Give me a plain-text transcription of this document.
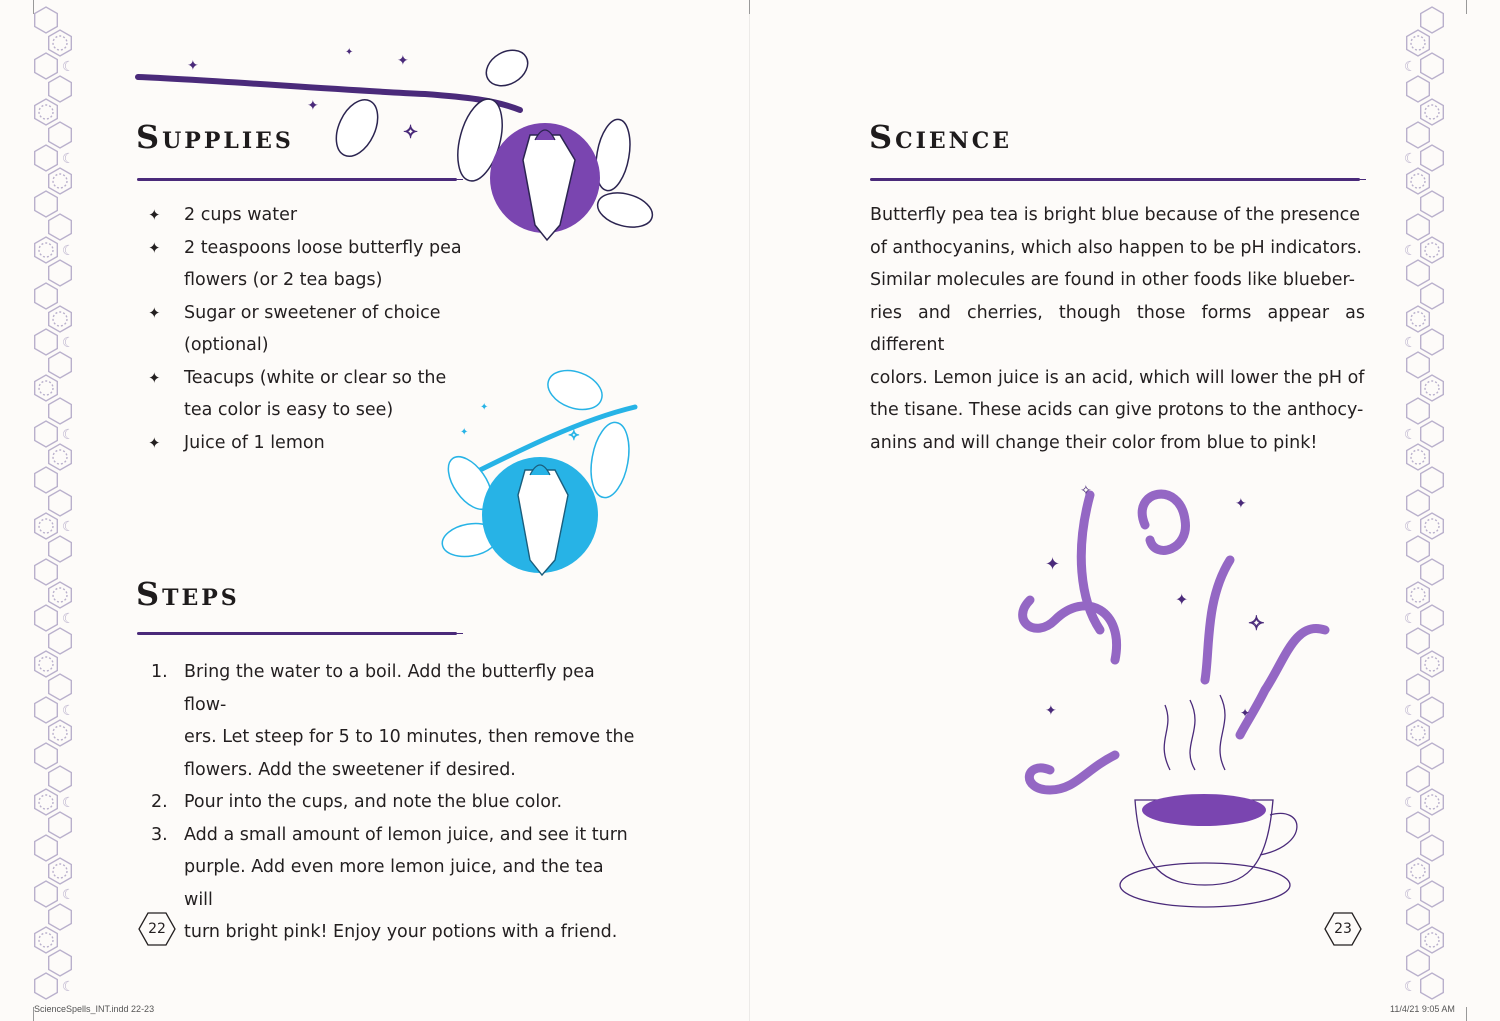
☾
☾
☾
☾
☾
☾
☾
☾
☾
☾
☾
✦
✦
✦
✧
✦
✧
✦
✦
Supplies
✦ 2 cups water
✦ 2 teaspoons loose butterfly pea
flowers (or 2 tea bags)
✦ Sugar or sweetener of choice
(optional)
✦ Teacups (white or clear so the
tea color is easy to see)
✦ Juice of 1 lemon
Steps
1. Bring the water to a boil. Add the butterfly pea flow-
ers. Let steep for 5 to 10 minutes, then remove the
flowers. Add the sweetener if desired.
2. Pour into the cups, and note the blue color.
3. Add a small amount of lemon juice, and see it turn
purple. Add even more lemon juice, and the tea will
turn bright pink! Enjoy your potions with a friend.
22
☾
☾
☾
☾
☾
☾
☾
☾
☾
☾
☾
Science
Butterfly pea tea is bright blue because of the presence
of anthocyanins, which also happen to be pH indicators.
Similar molecules are found in other foods like blueber-
ries and cherries, though those forms appear as different
colors. Lemon juice is an acid, which will lower the pH of
the tisane. These acids can give protons to the anthocy-
anins and will change their color from blue to pink!
✧
✦
✦
✦
✧
✦	✦
23
ScienceSpells_INT.indd 22-23	11/4/21 9:05 AM
